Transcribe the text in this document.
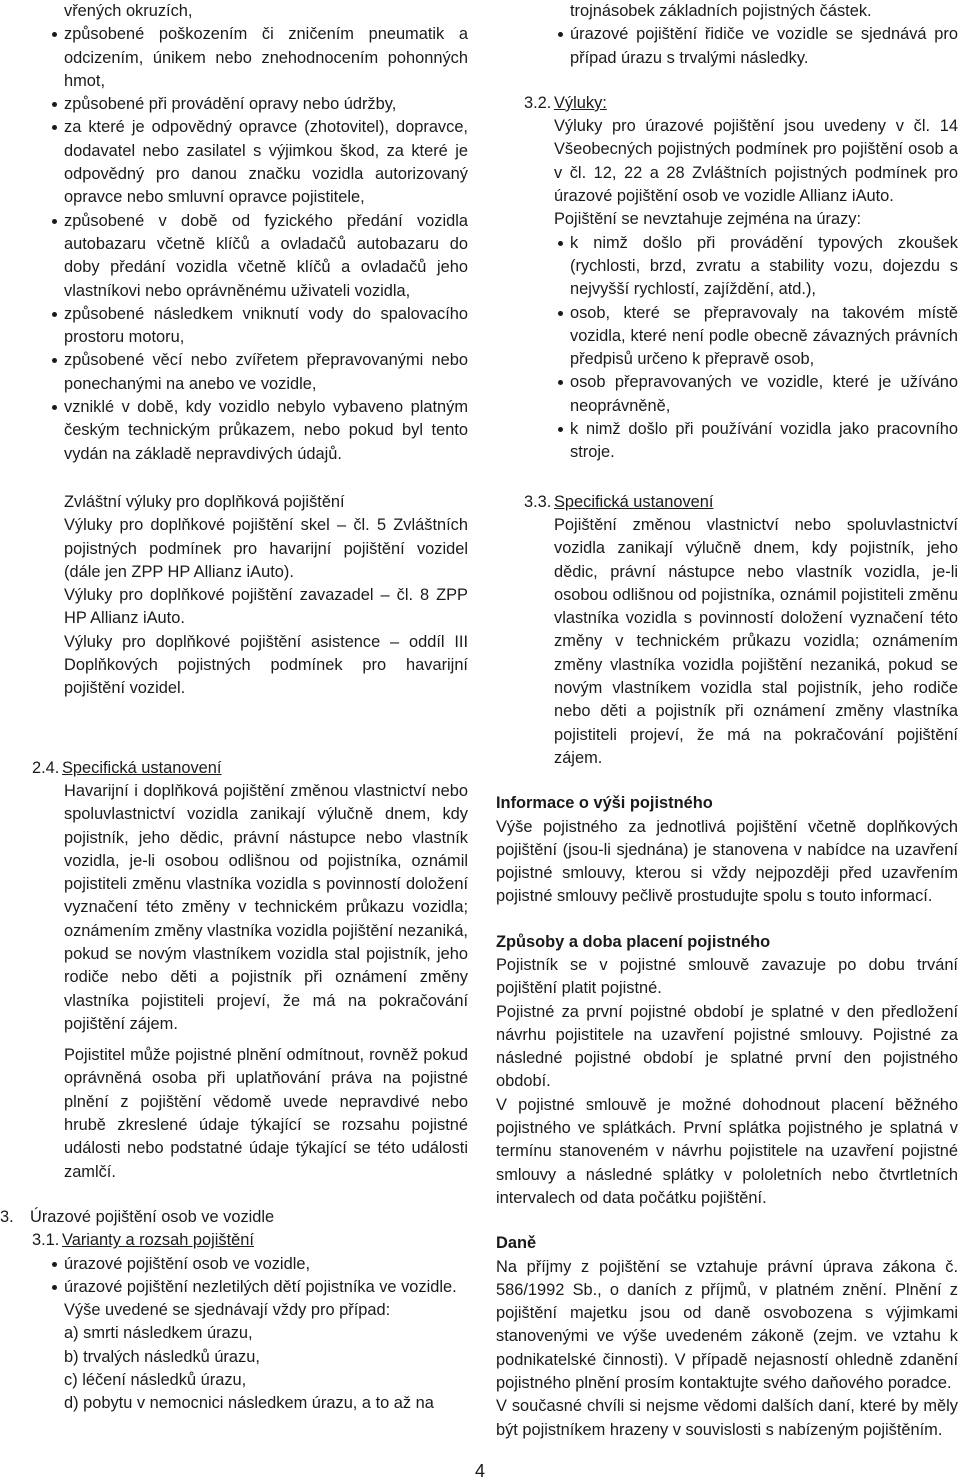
vřených okruzích,

způsobené poškozením či zničením pneumatik a odcizením, únikem nebo znehodnocením pohonných hmot,
způsobené při provádění opravy nebo údržby,
za které je odpovědný opravce (zhotovitel), dopravce, dodavatel nebo zasilatel s výjimkou škod, za které je odpovědný pro danou značku vozidla autorizovaný opravce nebo smluvní opravce pojistitele,
způsobené v době od fyzického předání vozidla autobazaru včetně klíčů a ovladačů autobazaru do doby předání vozidla včetně klíčů a ovladačů jeho vlastníkovi nebo oprávněnému uživateli vozidla,
způsobené následkem vniknutí vody do spalovacího prostoru motoru,
způsobené věcí nebo zvířetem přepravovanými nebo ponechanými na anebo ve vozidle,
vzniklé v době, kdy vozidlo nebylo vybaveno platným českým technickým průkazem, nebo pokud byl tento vydán na základě nepravdivých údajů.

Zvláštní výluky pro doplňková pojištění

Výluky pro doplňkové pojištění skel – čl. 5 Zvláštních pojistných podmínek pro havarijní pojištění vozidel (dále jen ZPP HP Allianz iAuto).

Výluky pro doplňkové pojištění zavazadel – čl. 8 ZPP HP Allianz iAuto.

Výluky pro doplňkové pojištění asistence – oddíl III Doplňkových pojistných podmínek pro havarijní pojištění vozidel.

2.4. Specifická ustanovení

Havarijní i doplňková pojištění změnou vlastnictví nebo spoluvlastnictví vozidla zanikají výlučně dnem, kdy pojistník, jeho dědic, právní nástupce nebo vlastník vozidla, je-li osobou odlišnou od pojistníka, oznámil pojistiteli změnu vlastníka vozidla s povinností doložení vyznačení této změny v technickém průkazu vozidla; oznámením změny vlastníka vozidla pojištění nezaniká, pokud se novým vlastníkem vozidla stal pojistník, jeho rodiče nebo děti a pojistník při oznámení změny vlastníka pojistiteli projeví, že má na pokračování pojištění zájem.

Pojistitel může pojistné plnění odmítnout, rovněž pokud oprávněná osoba při uplatňování práva na pojistné plnění z pojištění vědomě uvede nepravdivé nebo hrubě zkreslené údaje týkající se rozsahu pojistné události nebo podstatné údaje týkající se této události zamlčí.

3. Úrazové pojištění osob ve vozidle

3.1. Varianty a rozsah pojištění

úrazové pojištění osob ve vozidle,
úrazové pojištění nezletilých dětí pojistníka ve vozidle.

Výše uvedené se sjednávají vždy pro případ:

a) smrti následkem úrazu,
b) trvalých následků úrazu,
c) léčení následků úrazu,
d) pobytu v nemocnici následkem úrazu, a to až na

trojnásobek základních pojistných částek.

úrazové pojištění řidiče ve vozidle se sjednává pro případ úrazu s trvalými následky.

3.2. Výluky:

Výluky pro úrazové pojištění jsou uvedeny v čl. 14 Všeobecných pojistných podmínek pro pojištění osob a v čl. 12, 22 a 28 Zvláštních pojistných podmínek pro úrazové pojištění osob ve vozidle Allianz iAuto.

Pojištění se nevztahuje zejména na úrazy:

k nimž došlo při provádění typových zkoušek (rychlosti, brzd, zvratu a stability vozu, dojezdu s nejvyšší rychlostí, zajíždění, atd.),
osob, které se přepravovaly na takovém místě vozidla, které není podle obecně závazných právních předpisů určeno k přepravě osob,
osob přepravovaných ve vozidle, které je užíváno neoprávněně,
k nimž došlo při používání vozidla jako pracovního stroje.

3.3. Specifická ustanovení

Pojištění změnou vlastnictví nebo spoluvlastnictví vozidla zanikají výlučně dnem, kdy pojistník, jeho dědic, právní nástupce nebo vlastník vozidla, je-li osobou odlišnou od pojistníka, oznámil pojistiteli změnu vlastníka vozidla s povinností doložení vyznačení této změny v technickém průkazu vozidla; oznámením změny vlastníka vozidla pojištění nezaniká, pokud se novým vlastníkem vozidla stal pojistník, jeho rodiče nebo děti a pojistník při oznámení změny vlastníka pojistiteli projeví, že má na pokračování pojištění zájem.

Informace o výši pojistného

Výše pojistného za jednotlivá pojištění včetně doplňkových pojištění (jsou-li sjednána) je stanovena v nabídce na uzavření pojistné smlouvy, kterou si vždy nejpozději před uzavřením pojistné smlouvy pečlivě prostudujte spolu s touto informací.

Způsoby a doba placení pojistného

Pojistník se v pojistné smlouvě zavazuje po dobu trvání pojištění platit pojistné.

Pojistné za první pojistné období je splatné v den předložení návrhu pojistitele na uzavření pojistné smlouvy. Pojistné za následné pojistné období je splatné první den pojistného období.

V pojistné smlouvě je možné dohodnout placení běžného pojistného ve splátkách. První splátka pojistného je splatná v termínu stanoveném v návrhu pojistitele na uzavření pojistné smlouvy a následné splátky v pololetních nebo čtvrtletních intervalech od data počátku pojištění.

Daně

Na příjmy z pojištění se vztahuje právní úprava zákona č. 586/1992 Sb., o daních z příjmů, v platném znění. Plnění z pojištění majetku jsou od daně osvobozena s výjimkami stanovenými ve výše uvedeném zákoně (zejm. ve vztahu k podnikatelské činnosti). V případě nejasností ohledně zdanění pojistného plnění prosím kontaktujte svého daňového poradce.

V současné chvíli si nejsme vědomi dalších daní, které by měly být pojistníkem hrazeny v souvislosti s nabízeným pojištěním.

4
